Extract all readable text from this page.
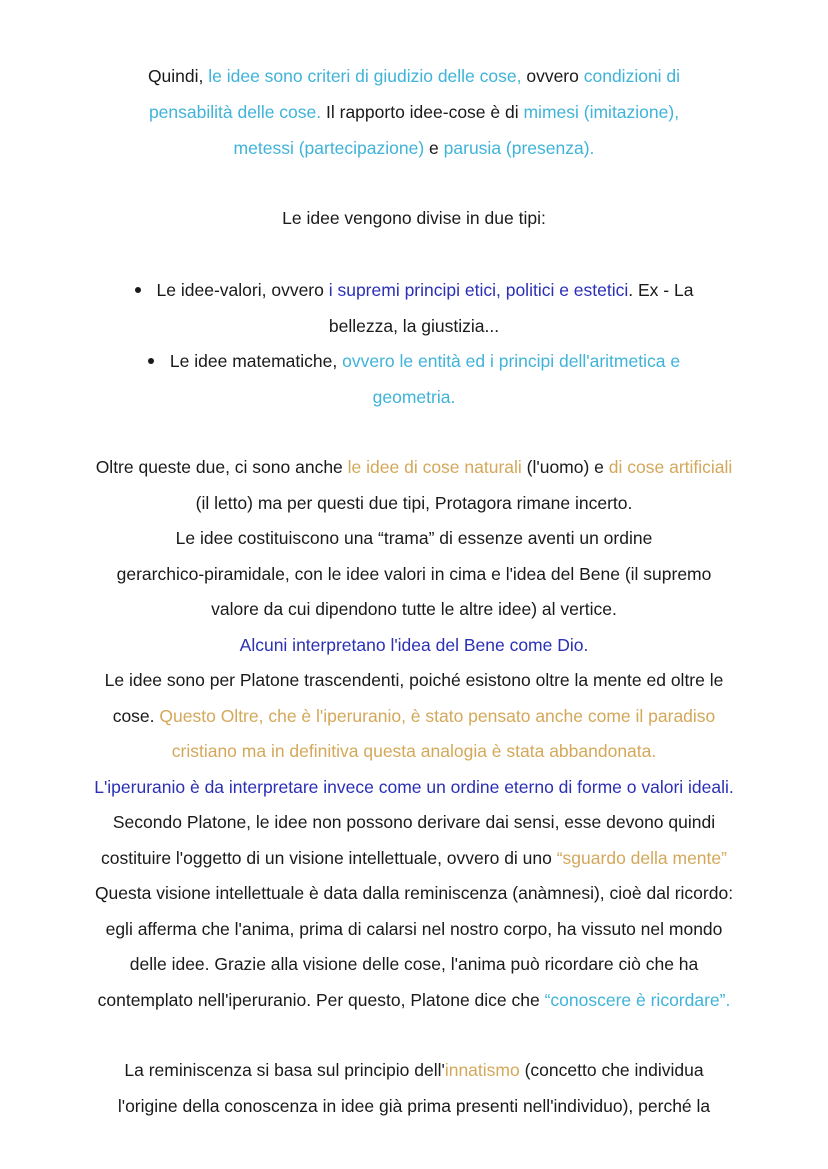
Quindi, le idee sono criteri di giudizio delle cose, ovvero condizioni di
pensabilità delle cose. Il rapporto idee-cose è di mimesi (imitazione),
metessi (partecipazione) e parusia (presenza).
Le idee vengono divise in due tipi:
Le idee-valori, ovvero i supremi principi etici, politici e estetici. Ex - La
bellezza, la giustizia...
Le idee matematiche, ovvero le entità ed i principi dell'aritmetica e
geometria.
Oltre queste due, ci sono anche le idee di cose naturali (l'uomo) e di cose artificiali
(il letto) ma per questi due tipi, Protagora rimane incerto.
Le idee costituiscono una “trama” di essenze aventi un ordine
gerarchico-piramidale, con le idee valori in cima e l'idea del Bene (il supremo
valore da cui dipendono tutte le altre idee) al vertice.
Alcuni interpretano l'idea del Bene come Dio.
Le idee sono per Platone trascendenti, poiché esistono oltre la mente ed oltre le
cose. Questo Oltre, che è l'iperuranio, è stato pensato anche come il paradiso
cristiano ma in definitiva questa analogia è stata abbandonata.
L'iperuranio è da interpretare invece come un ordine eterno di forme o valori ideali.
Secondo Platone, le idee non possono derivare dai sensi, esse devono quindi
costituire l'oggetto di un visione intellettuale, ovvero di uno “sguardo della mente”
Questa visione intellettuale è data dalla reminiscenza (anàmnesi), cioè dal ricordo:
egli afferma che l'anima, prima di calarsi nel nostro corpo, ha vissuto nel mondo
delle idee. Grazie alla visione delle cose, l'anima può ricordare ciò che ha
contemplato nell'iperuranio. Per questo, Platone dice che “conoscere è ricordare”.
La reminiscenza si basa sul principio dell'innatismo (concetto che individua
l'origine della conoscenza in idee già prima presenti nell'individuo), perché la
